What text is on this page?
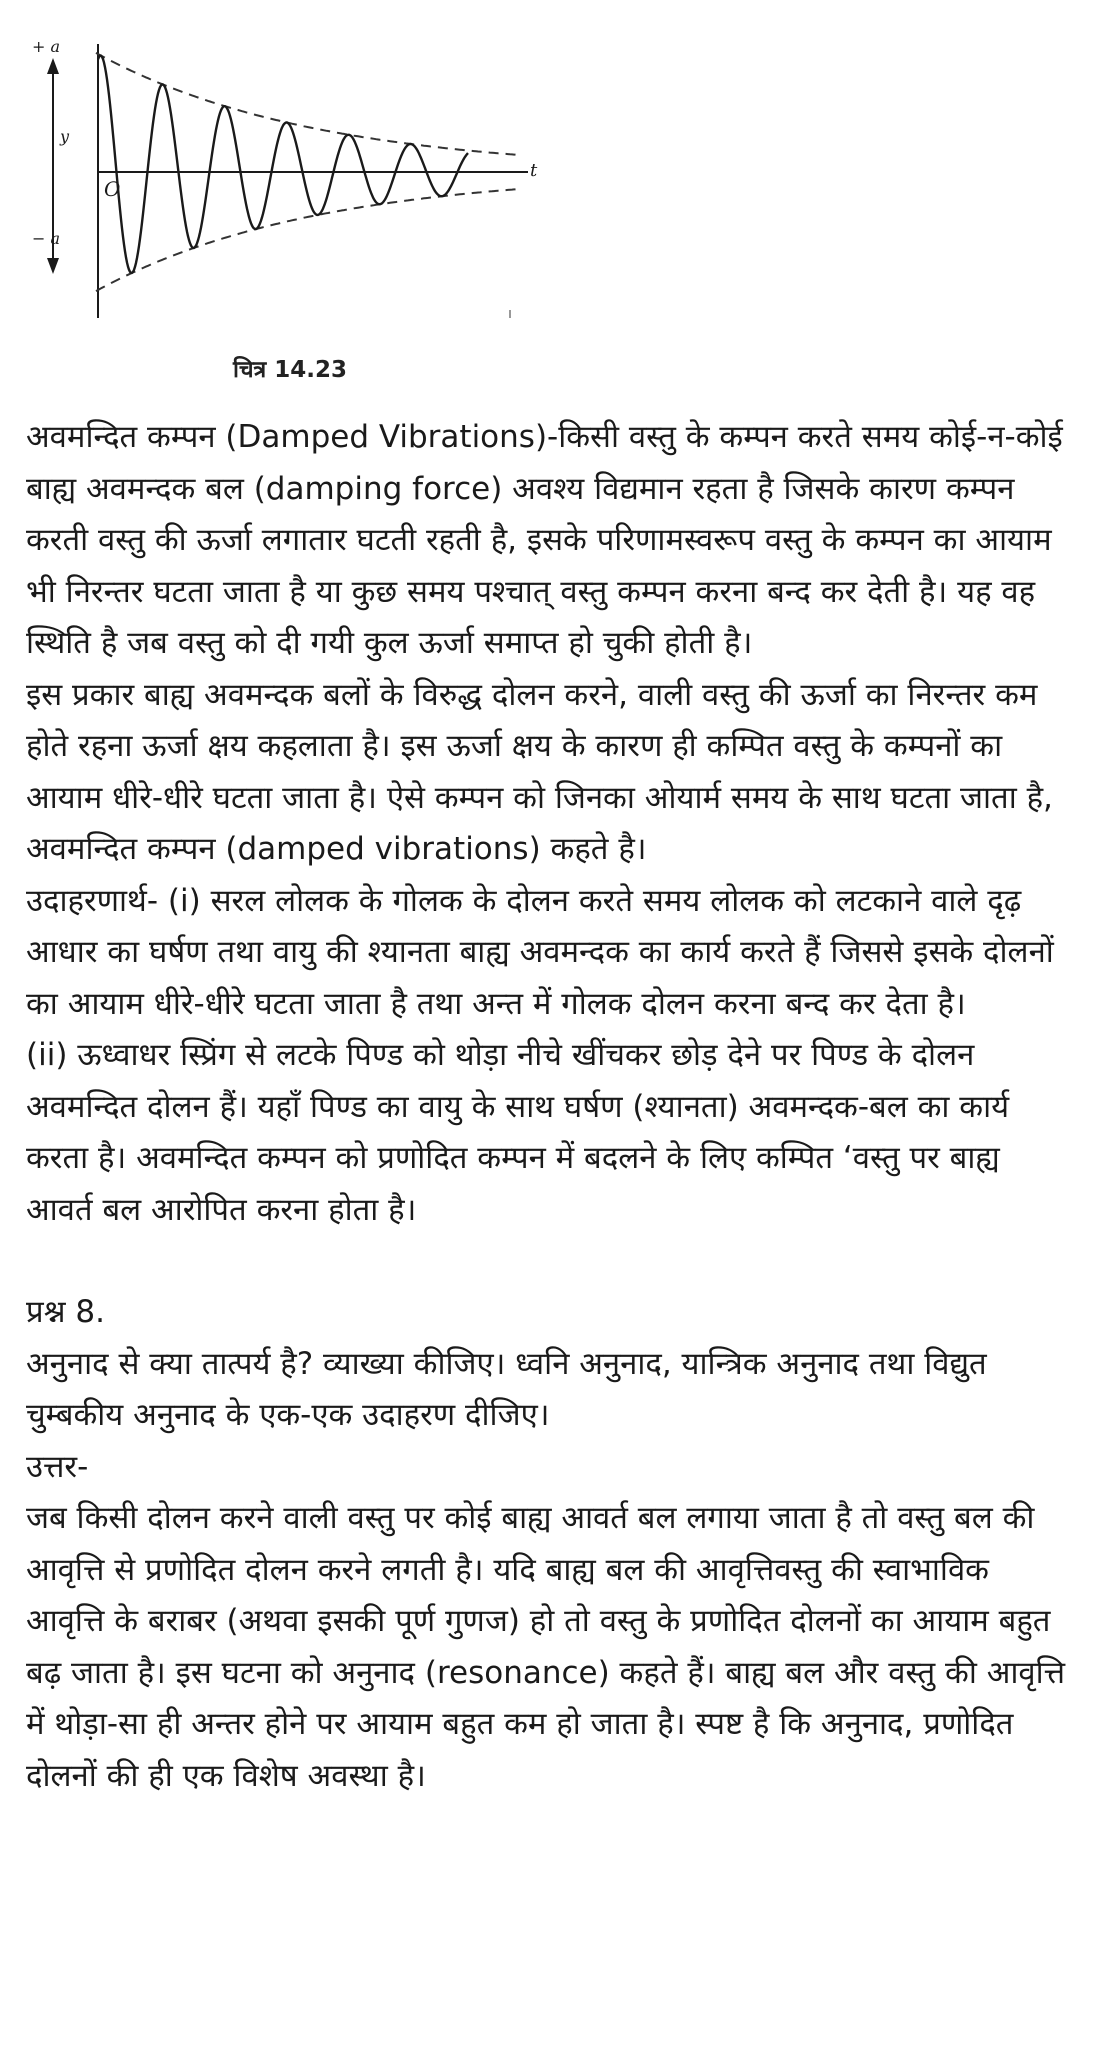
+ a
− a
y
O
t
चित्र 14.23

अवमन्दित कम्पन (Damped Vibrations)-किसी वस्तु के कम्पन करते समय कोई-न-कोई बाह्य अवमन्दक बल (damping force) अवश्य विद्यमान रहता है जिसके कारण कम्पन करती वस्तु की ऊर्जा लगातार घटती रहती है, इसके परिणामस्वरूप वस्तु के कम्पन का आयाम भी निरन्तर घटता जाता है या कुछ समय पश्चात् वस्तु कम्पन करना बन्द कर देती है। यह वह स्थिति है जब वस्तु को दी गयी कुल ऊर्जा समाप्त हो चुकी होती है।

इस प्रकार बाह्य अवमन्दक बलों के विरुद्ध दोलन करने, वाली वस्तु की ऊर्जा का निरन्तर कम होते रहना ऊर्जा क्षय कहलाता है। इस ऊर्जा क्षय के कारण ही कम्पित वस्तु के कम्पनों का आयाम धीरे-धीरे घटता जाता है। ऐसे कम्पन को जिनका ओयार्म समय के साथ घटता जाता है, अवमन्दित कम्पन (damped vibrations) कहते है।

उदाहरणार्थ- (i) सरल लोलक के गोलक के दोलन करते समय लोलक को लटकाने वाले दृढ़ आधार का घर्षण तथा वायु की श्यानता बाह्य अवमन्दक का कार्य करते हैं जिससे इसके दोलनों का आयाम धीरे-धीरे घटता जाता है तथा अन्त में गोलक दोलन करना बन्द कर देता है।

(ii) ऊध्वाधर स्प्रिंग से लटके पिण्ड को थोड़ा नीचे खींचकर छोड़ देने पर पिण्ड के दोलन अवमन्दित दोलन हैं। यहाँ पिण्ड का वायु के साथ घर्षण (श्यानता) अवमन्दक-बल का कार्य करता है। अवमन्दित कम्पन को प्रणोदित कम्पन में बदलने के लिए कम्पित ‘वस्तु पर बाह्य आवर्त बल आरोपित करना होता है।

प्रश्न 8.

अनुनाद से क्या तात्पर्य है? व्याख्या कीजिए। ध्वनि अनुनाद, यान्त्रिक अनुनाद तथा विद्युत चुम्बकीय अनुनाद के एक-एक उदाहरण दीजिए।

उत्तर-

जब किसी दोलन करने वाली वस्तु पर कोई बाह्य आवर्त बल लगाया जाता है तो वस्तु बल की आवृत्ति से प्रणोदित दोलन करने लगती है। यदि बाह्य बल की आवृत्तिवस्तु की स्वाभाविक आवृत्ति के बराबर (अथवा इसकी पूर्ण गुणज) हो तो वस्तु के प्रणोदित दोलनों का आयाम बहुत बढ़ जाता है। इस घटना को अनुनाद (resonance) कहते हैं। बाह्य बल और वस्तु की आवृत्ति में थोड़ा-सा ही अन्तर होने पर आयाम बहुत कम हो जाता है। स्पष्ट है कि अनुनाद, प्रणोदित दोलनों की ही एक विशेष अवस्था है।
